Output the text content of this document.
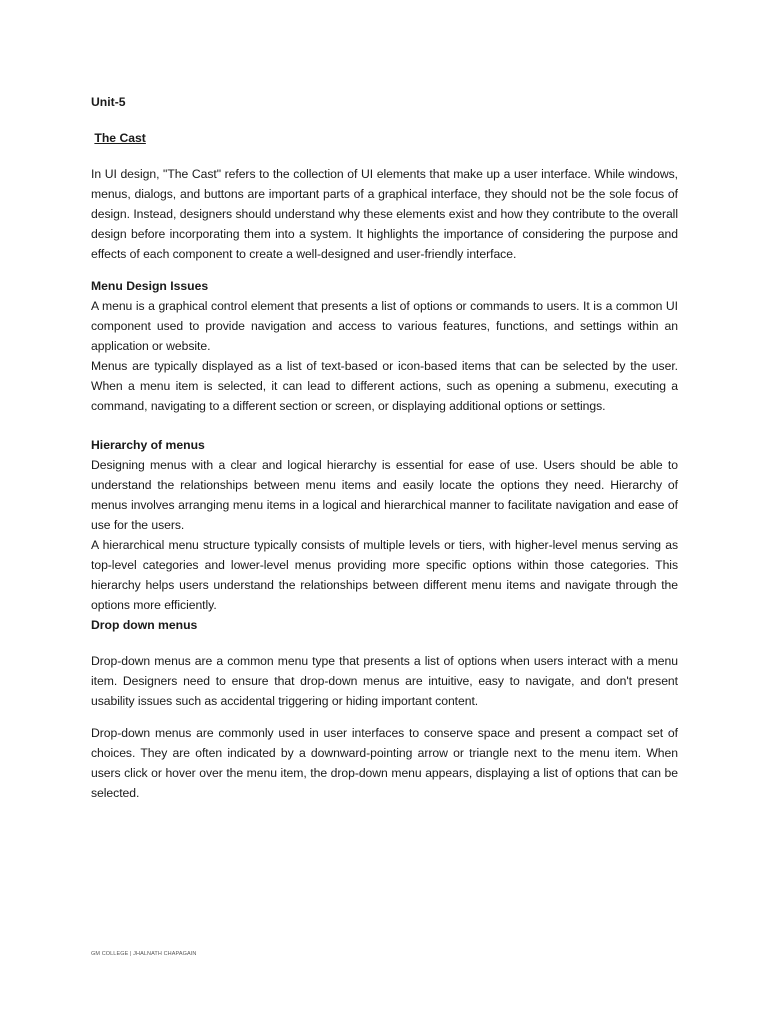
Unit-5

The Cast

In UI design, "The Cast" refers to the collection of UI elements that make up a user interface. While windows, menus, dialogs, and buttons are important parts of a graphical interface, they should not be the sole focus of design. Instead, designers should understand why these elements exist and how they contribute to the overall design before incorporating them into a system. It highlights the importance of considering the purpose and effects of each component to create a well-designed and user-friendly interface.

Menu Design Issues

A menu is a graphical control element that presents a list of options or commands to users. It is a common UI component used to provide navigation and access to various features, functions, and settings within an application or website.

Menus are typically displayed as a list of text-based or icon-based items that can be selected by the user. When a menu item is selected, it can lead to different actions, such as opening a submenu, executing a command, navigating to a different section or screen, or displaying additional options or settings.

Hierarchy of menus

Designing menus with a clear and logical hierarchy is essential for ease of use. Users should be able to understand the relationships between menu items and easily locate the options they need. Hierarchy of menus involves arranging menu items in a logical and hierarchical manner to facilitate navigation and ease of use for the users.

A hierarchical menu structure typically consists of multiple levels or tiers, with higher-level menus serving as top-level categories and lower-level menus providing more specific options within those categories. This hierarchy helps users understand the relationships between different menu items and navigate through the options more efficiently.

Drop down menus

Drop-down menus are a common menu type that presents a list of options when users interact with a menu item. Designers need to ensure that drop-down menus are intuitive, easy to navigate, and don't present usability issues such as accidental triggering or hiding important content.

Drop-down menus are commonly used in user interfaces to conserve space and present a compact set of choices. They are often indicated by a downward-pointing arrow or triangle next to the menu item. When users click or hover over the menu item, the drop-down menu appears, displaying a list of options that can be selected.

GM COLLEGE | JHALNATH CHAPAGAIN
